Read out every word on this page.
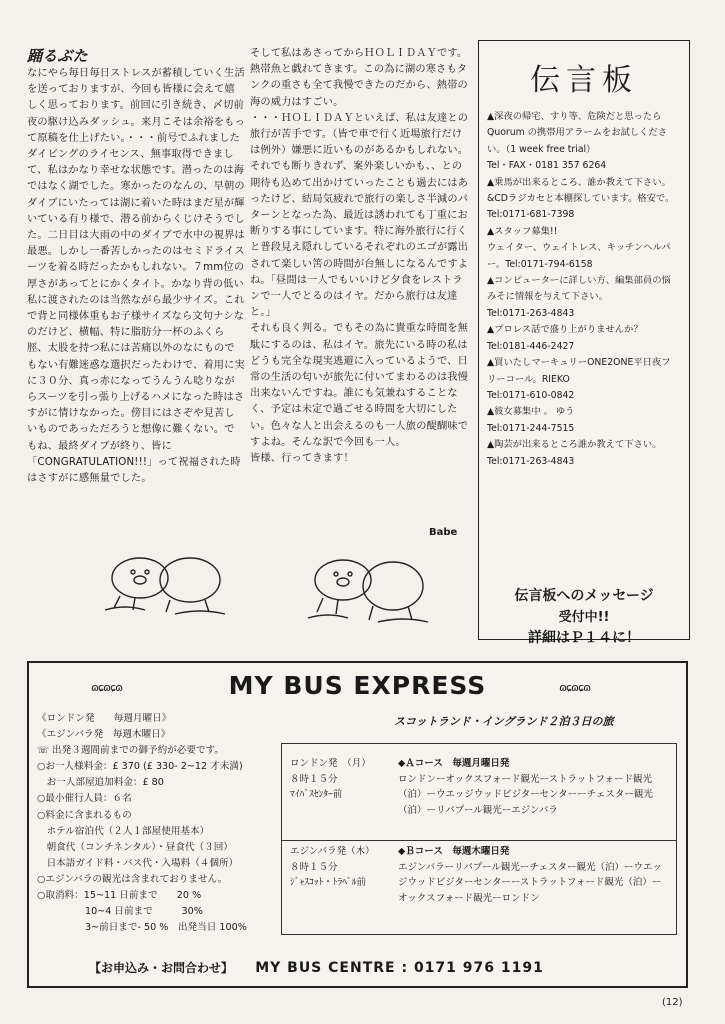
踊るぶた

なにやら毎日毎日ストレスが蓄積していく生活を送っておりますが、今回も皆様に会えて嬉しく思っております。前回に引き続き、〆切前夜の駆け込みダッシュ。来月こそは余裕をもって原稿を仕上げたい。・・・前号でふれましたダイビングのライセンス、無事取得できまして、私はかなり幸せな状態です。潜ったのは海ではなく湖でした。寒かったのなんの、早朝のダイブにいたっては湖に着いた時はまだ星が輝いている有り様で、潜る前からくじけそうでした。二日目は大雨の中のダイブで水中の視界は最悪。しかし一番苦しかったのはセミドライスーツを着る時だったかもしれない。７mm位の厚さがあってとにかくタイト。かなり背の低い私に渡されたのは当然ながら最少サイズ。これで背と同様体重もお子様サイズなら文句ナシなのだけど、横幅、特に脂肪分一杯のふくら脛、太股を持つ私には苦痛以外のなにものでもない有難迷惑な選択だったわけで、着用に実に３０分、真っ赤になってうんうん唸りながらスーツを引っ張り上げるハメになった時はさすがに情けなかった。傍目にはさぞや見苦しいものであっただろうと想像に難くない。でもね、最終ダイブが終り、皆に「CONGRATULATION!!!」って祝福された時はさすがに感無量でした。

そして私はあさってからＨＯＬＩＤＡＹです。熱帯魚と戯れてきます。この為に湖の寒さもタンクの重さも全て我慢できたのだから、熱帯の海の威力はすごい。

・・・ＨＯＬＩＤＡＹといえば、私は友達との旅行が苦手です。（皆で車で行く近場旅行だけは例外）嫌悪に近いものがあるかもしれない。それでも断りきれず、案外楽しいかも、、との期待も込めて出かけていったことも過去にはあったけど、結局気疲れで旅行の楽しさ半減のパターンとなった為、最近は誘われても丁重にお断りする事にしています。特に海外旅行に行くと普段見え隠れしているそれぞれのエゴが露出されて楽しい筈の時間が台無しになるんですよね。「昼間は一人でもいいけど夕食をレストランで一人でとるのはイヤ。だから旅行は友達と。」

それも良く判る。でもその為に貴重な時間を無駄にするのは、私はイヤ。旅先にいる時の私はどうも完全な現実逃避に入っているようで、日常の生活の匂いが旅先に付いてまわるのは我慢出来ないんですね。誰にも気兼ねすることなく、予定は未定で過ごせる時間を大切にしたい。色々な人と出会えるのも一人旅の醍醐味ですよね。そんな訳で今回も一人。

皆様、行ってきます！

Babe
伝言板
▲深夜の帰宅、すり等、危険だと思ったら Quorum の携帯用アラームをお試しください。（1 week free trial）
Tel・FAX・0181 357 6264
▲乗馬が出来るところ、誰か教えて下さい。&CDラジカセと本棚探しています。格安で。Tel:0171-681-7398
▲スタッフ募集!!
ウェイター、ウェイトレス、キッチンヘルパー。Tel:0171-794-6158
▲コンピューターに詳しい方、編集部員の悩みそに情報を与えて下さい。
Tel:0171-263-4843
▲プロレス話で盛り上がりませんか？ Tel:0181-446-2427
▲買いたしマーキュリーONE2ONE平日夜フリーコール。RIEKO
Tel:0171-610-0842
▲彼女募集中 。 ゆう
Tel:0171-244-7515
▲陶芸が出来るところ誰か教えて下さい。Tel:0171-263-4843
伝言板へのメッセージ
受付中!!
詳細はＰ１４に！
ɷɕɷɕɷ	MY BUS EXPRESS	ɷɕɷɕɷ
スコットランド・イングランド２泊３日の旅
《ロンドン発　　毎週月曜日》
《エジンバラ発　毎週木曜日》
☏ 出発３週間前までの御予約が必要です。
○お一人様料金：£ 370 (£ 330- 2~12 才未満)
　お一人部屋追加料金：£ 80
○最小催行人員：６名
○料金に含まれるもの
　ホテル宿泊代（２人１部屋使用基本）
　朝食代（コンチネンタル）・昼食代（３回）
　日本語ガイド料・バス代・入場料（４個所）
○エジンバラの観光は含まれておりません。
○取消料：15~11 日前まで　　20 %
　　　　　10~4 日前まで　　　30%
　　　　　3~前日まで- 50 %　出発当日 100%
ロンドン発　（月）
８時１５分
ﾏｲﾊﾞｽｾﾝﾀｰ前
◆Ａコース　毎週月曜日発
ロンドンーオックスフォード観光ーストラットフォード観光（泊）ーウエッジウッドビジターセンターーチェスター観光（泊）ーリバプール観光ーエジンバラ
エジンバラ発（木）
８時１５分
ｼﾞｬｽｺｯﾄ・ﾄﾗﾍﾞﾙ前
◆Ｂコース　毎週木曜日発
エジンバラーリバプール観光ーチェスター観光（泊）ーウエッジウッドビジターセンターーストラットフォード観光（泊）ーオックスフォード観光ーロンドン
【お申込み・お問合わせ】 MY BUS CENTRE : 0171 976 1191
(12)
